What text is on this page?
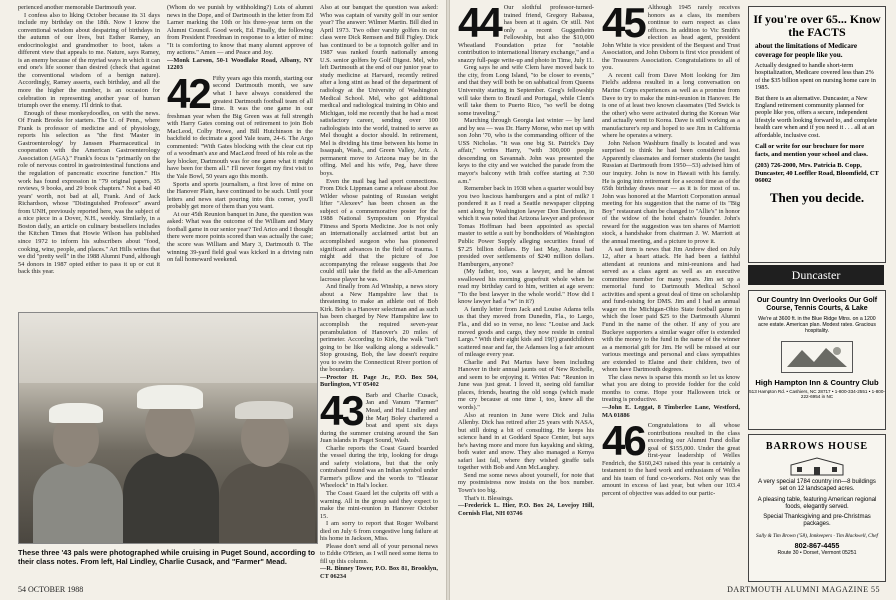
perienced another memorable Dartmouth year.

I confess also to liking October because its 31 days include my birthday on the 18th. Now I know the conventional wisdom about despairing of birthdays in the autumn of our lives, but Esther Ramey, an endocrinologist and grandmother to boot, takes a different view that appeals to me. Nature, says Ramey, is an enemy because of the myriad ways in which it can end one's life sooner than desired (check that against the conventional wisdom of a benign nature). Accordingly, Ramey asserts, each birthday, and all the more the higher the number, is an occasion for celebration in representing another year of human triumph over the enemy. I'll drink to that.

Enough of these monkeydoodles, on with the news. Of Frank Brooks for starters. The U. of Penn., where Frank is professor of medicine and of physiology, reports his selection as "the first 'Master in Gastroenterology' by Janssen Pharmaceutical in cooperation with the American Gastroenterology Association (AGA)." Frank's focus is "primarily on the role of nervous control in gastrointestinal functions and the regulation of pancreatic exocrine function." His work has found expression in "79 original papers, 35 reviews, 9 books, and 29 book chapters." Not a bad 40 years' worth, not bad at all, Frank. And of Jack Richardson, whose "Distinguished Professor" award from UNH, previously reported here, was the subject of a nice piece in a Dover, N.H., weekly. Similarly, in a Boston daily, an article on culinary bestsellers includes the Kitchen Times that Howie Wilson has published since 1972 to inform his subscribers about "food, cooking, wine, people, and places." Art Hills writes that we did "pretty well" in the 1988 Alumni Fund, although 54 donors in 1987 opted either to pass it up or cut it back this year.

(Whom do we punish by withholding?) Lots of alumni news in the Dope, and of Dartmouth in the letter from Ed Larner marking the 10th or his three-year term on the Alumni Council. Good work, Ed. Finally, the following from President Freedman in response to a letter of mine: "It is comforting to know that many alumni approve of my actions." Amen — and Peace and Joy.

—Monk Larson, 50-1 Woodlake Road, Albany, NY 12203

42 Fifty years ago this month, starting our second Dartmouth month, we saw what I have always considered the greatest Dartmouth football team of all time. It was the one game in our freshman year when the Big Green was at full strength with Harry Gates coming out of retirement to join Bob MacLeod, Colby Howe, and Bill Hutchinson in the backfield to decimate a good Yale team, 24-6. The Argo commented: "With Gates blocking with the clear cut rip of a woodman's axe and MacLeod freed of his role as the key blocker, Dartmouth was for one game what it might have been for them all." I'll never forget my first visit to the Yale Bowl, 50 years ago this month.

Sports and sports journalism, a first love of mine on the Hanover Plain, have continued to be such. Until your letters and news start pouring into this corner, you'll probably get more of them than you want.

At our 45th Reunion banquet in June, the question was asked: What was the outcome of the William and Mary football game in our senior year? Ted Arico and I thought there were more points scored than was actually the case; the score was William and Mary 3, Dartmouth 0. The winning 39-yard field goal was kicked in a driving rain on fall homeward weekend.

Also at our banquet the question was asked: Who was captain of varsity golf in our senior year? The answer: Wilmer Martin. Bill died in April 1973. Two other varsity golfers in our class were Dick Remsen and Bill Figley. Dick has continued to be a topnotch golfer and in 1987 was ranked fourth nationally among U.S. senior golfers by Golf Digest. Mel, who left Dartmouth at the end of our junior year to study medicine at Harvard, recently retired after a long stint as head of the department of radiology at the University of Washington Medical School. Mel, who got additional medical and radiological training in Ohio and Michigan, told me recently that he had a most satisfactory career, sending over 100 radiologists into the world, trained to serve as Mel thought a doctor should. In retirement, Mel is dividing his time between his home in Issaquah, Wash., and Green Valley, Ariz. A permanent move to Arizona may be in the offing. Mel and his wife, Peg, have three boys.

Even the mail bag had sport connections. From Dick Lippman came a release about Joe Wilder whose painting of Russian weight lifter "Alexeev" has been chosen as the subject of a commemorative poster for the 1988 National Symposium on Physical Fitness and Sports Medicine. Joe is not only an internationally acclaimed artist but an accomplished surgeon who has pioneered significant advances in the field of trauma. I might add that the picture of Joe accompanying the release suggests that Joe could still take the field as the all-American lacrosse player he was.

And finally from Ad Winship, a news story about a New Hampshire law that is threatening to make an athlete out of Bob Kirk. Bob is a Hanover selectman and as such has been charged by New Hampshire law to accomplish the required seven-year perambulation of Hanover's 20 miles of perimeter. According to Kirk, the walk "isn't going to be like walking along a sidewalk." Stop grousing, Bob, the law doesn't require you to swim the Connecticut River portion of the boundary.

—Proctor H. Page Jr., P.O. Box 504, Burlington, VT 05402

43 Barb and Charlie Cusack, Jan and Vanum "Farmer" Mead, and Hal Lindley and the Marj Boley chartered a boat and spent six days during the summer cruising around the San Juan islands in Puget Sound, Wash.

Charlie reports the Coast Guard boarded the vessel during the trip, looking for drugs and safety violations, but that the only contraband found was an Indian symbol under Farmer's pillow and the words to "Eleazar Wheelock" in Hal's locker.

The Coast Guard let the culprits off with a warning. All in the group said they expect to make the mini-reunion in Hanover October 15.

I am sorry to report that Roger Wolbarst died on July 6 from congestive lung failure at his home in Jackson, Miss.

Please don't send all of your personal news to Eddie O'Brien, as I will need some items to fill up this column.

—R. Binney Tower, P.O. Box 81, Brooklyn, CT 06234

These three '43 pals were photographed while cruising in Puget Sound, according to their class notes. From left, Hal Lindley, Charlie Cusack, and "Farmer" Mead.
54 OCTOBER 1988
44 Our slothful professor-turned-trained friend, Gregory Rabassa, has been at it again. Or still. Not only a recent Guggenheim Fellowship, but also the $10,000 Wheatland Foundation prize for "notable contribution to international literary exchange," and a snazzy full-page write-up and photo in Time, July 11.

Greg says he and wife Clem have moved back to the city, from Long Island, "to be closer to events," and that they will both be on sabbatical from Queens University starting in September. Greg's fellowship will take them to Brazil and Portugal, while Clem's will take them to Puerto Rico, "so we'll be doing some traveling."

Marching through Georgia last winter — by land and by sea — was Dr. Harry Morse, who met up with son John '70, who is the commanding officer of the USS Nicholas. "It was one big St. Patrick's Day affair," writes Harry, "with 300,000 people descending on Savannah. John was presented the keys to the city and we watched the parade from the mayor's balcony with Irish coffee starting at 7:30 a.m."

Remember back in 1938 when a quarter would buy you two luscious hamburgers and a pint of milk? I pondered it as I read a Seattle newspaper clipping sent along by Washington lawyer Don Davidson, in which it was noted that Arizona lawyer and professor Tomas Hoffman had been appointed as special master to settle a suit by bondholders of Washington Public Power Supply alleging securities fraud of $7.25 billion dollars. By last May, Justus had presided over settlements of $240 million dollars. Hamburgers, anyone?

(My father, too, was a lawyer, and he almost swallowed his morning grapefruit whole when he read my birthday card to him, written at age seven: "To the best lawyer in the whole world." How did I know lawyer had a "w" in it?)

A family letter from Jack and Louise Adams tells us that they moved from Dunedin, Fla., to Largo, Fla., and did so in verse, no less: "Louise and Jack moved goods and cargo, they now reside in central Largo." With their eight kids and 19(!) grandchildren scattered near and far, the Adamses log a fair amount of mileage every year.

Charlie and Pat Martus have been including Hanover in their annual jaunts out of New Rochelle, and seem to be enjoying it. Writes Pat: "Reunion in June was just great. I loved it, seeing old familiar places, friends, hearing the old songs (which made me cry because at one time I, too, knew all the words)."

Also at reunion in June were Dick and Julia Allenby. Dick has retired after 25 years with NASA, but still doing a bit of consulting. He keeps his science hand in at Goddard Space Center, but says he's having more and more fun kayaking and skiing, both water and snow. They also managed a Kenya safari last fall, where they wished giraffe tails together with Bob and Ann McLaughry.

Send me some news about yourself, for note that my postmistress now insists on the box number. Town's too big.

That's it. Blessings.

—Frederick L. Hier, P.O. Box 24, Lovejoy Hill, Cornish Flat, NH 03746

45 Although 1945 rarely receives honors as a class, its members continue to earn respect as class officers. In addition to Vic Smith's election as head agent, president John White is vice president of the Bequest and Trust Association, and John Osborn is first vice president of the Treasurers Association. Congratulations to all of you.

A recent call from Dave Mott looking for Jim Field's address resulted in a long conversation on Marine Corps experiences as well as a promise from Dave to try to make the mini-reunion in Hanover. He is one of at least two known classmates (Ted Swick is the other) who were activated during the Korean War and actually went to Korea. Dave is still working as a manufacturer's rep and hoped to see Jim in California where he operates a winery.

John Nelson Washburn finally is located and was surprised to think he had been considered lost. Apparently classmates and former students (he taught Russian at Dartmouth from 1950—53) advised him of our inquiry. John is now in Hawaii with his family. He is going into retirement for a second time as of the 65th birthday draws near — as it is for most of us. John was honored at the Marriott Corporation annual meeting for his suggestion that the name of its "Big Boy" restaurant chain be changed to "Allie's" in honor of the widow of the hotel chain's founder. John's reward for the suggestion was ten shares of Marriott stock, a handshake from chairman J. W. Marriott at the annual meeting, and a picture to prove it.

A sad item is news that Jim Andrew died on July 12, after a heart attack. He had been a faithful attendant at reunions and mini-reunions and had served as a class agent as well as an executive committee member for many years. Jim set up a memorial fund to Dartmouth Medical School activities and spent a great deal of time on scholarship and fund-raising for DMS. Jim and I had an annual wager on the Michigan-Ohio State football game in which the loser paid $25 to the Dartmouth Alumni Fund in the name of the other. If any of you are Buckeye supporters a similar wager offer is extended with the money to the fund in the name of the winner as a memorial gift for Jim. He will be missed at our various meetings and personal and class sympathies are extended to Elaine and their children, two of whom have Dartmouth degrees.

The class news is sparse this month so let us know what you are doing to provide fodder for the cold months to come. Hope your Halloween trick or treating is productive.

—John E. Leggat, 8 Timberlee Lane, Westford, MA 01886

46 Congratulations to all whose contributions resulted in the class exceeding our Alumni Fund dollar goal of $155,000. Under the great first-year leadership of Welles Fendrich, the $160,243 raised this year is certainly a testament to the hard work and enthusiasm of Welles and his team of fund co-workers. Not only was the amount in excess of last year, but when our 103.4 percent of objective was added to our partic-

If you're over 65... Know the FACTS
about the limitations of Medicare coverage for people like you.
Actually designed to handle short-term hospitalization, Medicare covered less than 2% of the $35 billion spent on nursing home care in 1985.
But there is an alternative. Duncaster, a New England retirement community planned for people like you, offers a secure, independent lifestyle worth looking forward to, and complete health care when and if you need it . . . all at an affordable, inclusive cost.
Call or write for our brochure for more facts, and mention your school and class.
(203) 726-2000, Mrs. Patricia B. Copp, Duncaster, 40 Loeffler Road, Bloomfield, CT 06002
Then you decide.
Duncaster
Our Country Inn Overlooks Our Golf Course, Tennis Courts, & Lake
We're at 3600 ft. in the Blue Ridge Mtns. on a 1200 acre estate. American plan. Modest rates. Gracious hospitality.
High Hampton Inn & Country Club
513 Hampton Rd. • Cashiers, NC 28717 • 1-800-334-2551 • 1-800-222-6954 in NC
BARROWS HOUSE
A very special 1784 country inn—8 buildings set on 12 landscaped acres.
A pleasing table, featuring American regional foods, elegantly served.
Special Thanksgiving and pre-Christmas packages.
Sally & Tim Brown ('58), Innkeepers · Tim Blackwell, Chef
802-867-4455
Route 30 • Dorset, Vermont 05251
DARTMOUTH ALUMNI MAGAZINE 55
